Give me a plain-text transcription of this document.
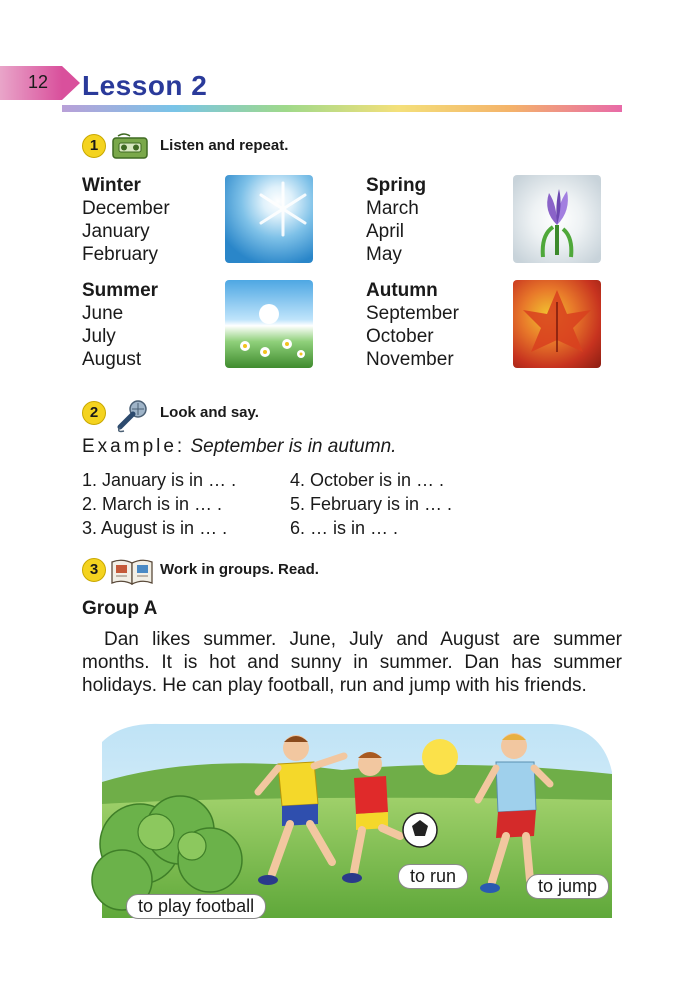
12 Lesson 2
1	Listen and repeat.
Winter
December
January
February
Spring
March
April
May
Summer
June
July
August
Autumn
September
October
November
2	Look and say.
Example: September is in autumn.
1. January is in … .
2. March is in … .
3. August is in … .
4. October is in … .
5. February is in … .
6. … is in … .
3	Work in groups. Read.
Group A
Dan likes summer. June, July and August are summer months. It is hot and sunny in summer. Dan has summer holidays. He can play football, run and jump with his friends.
to run	to jump
to play football
